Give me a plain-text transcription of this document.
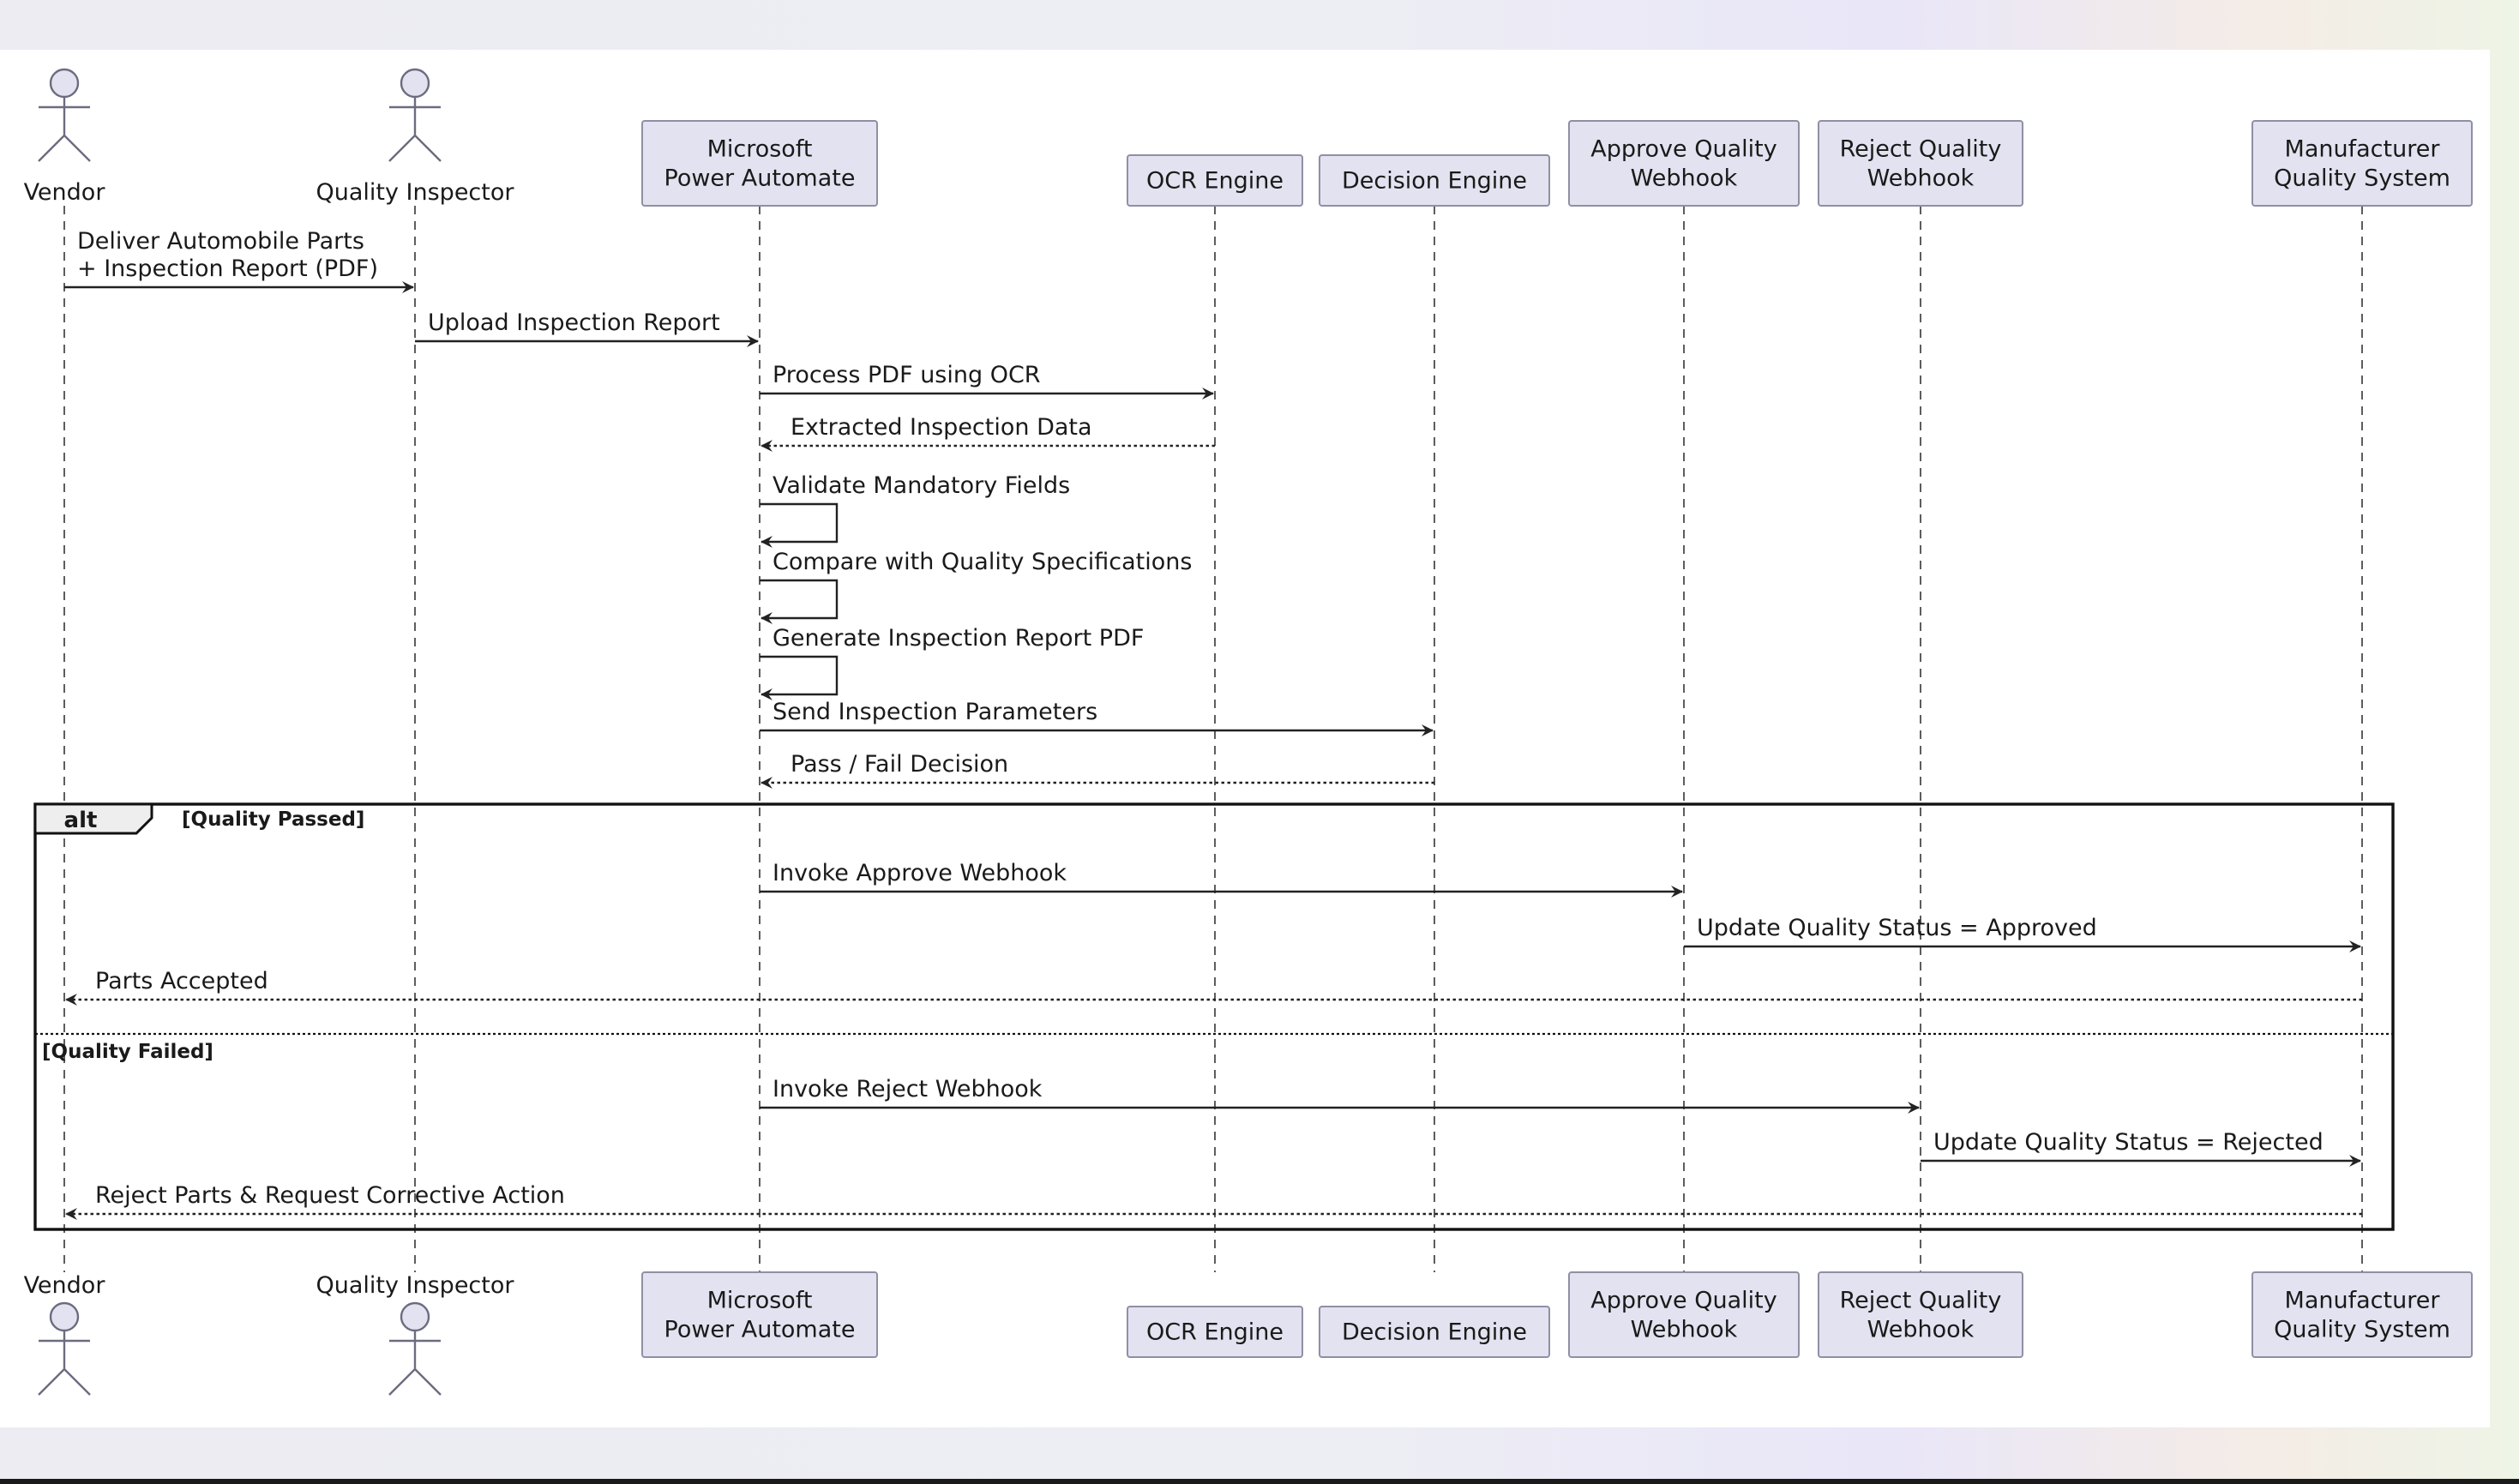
Vendor
Vendor
Quality Inspector
Quality Inspector
Microsoft
Power Automate
Microsoft
Power Automate
OCR Engine
OCR Engine
Decision Engine
Decision Engine
Approve Quality
Webhook
Approve Quality
Webhook
Reject Quality
Webhook
Reject Quality
Webhook
Manufacturer
Quality System
Manufacturer
Quality System
alt	[Quality Passed]
[Quality Failed]
Deliver Automobile Parts
+ Inspection Report (PDF)
Upload Inspection Report
Process PDF using OCR
Extracted Inspection Data
Validate Mandatory Fields
Compare with Quality Specifications
Generate Inspection Report PDF
Send Inspection Parameters
Pass / Fail Decision
Invoke Approve Webhook
Update Quality Status = Approved
Parts Accepted
Invoke Reject Webhook
Update Quality Status = Rejected
Reject Parts & Request Corrective Action
